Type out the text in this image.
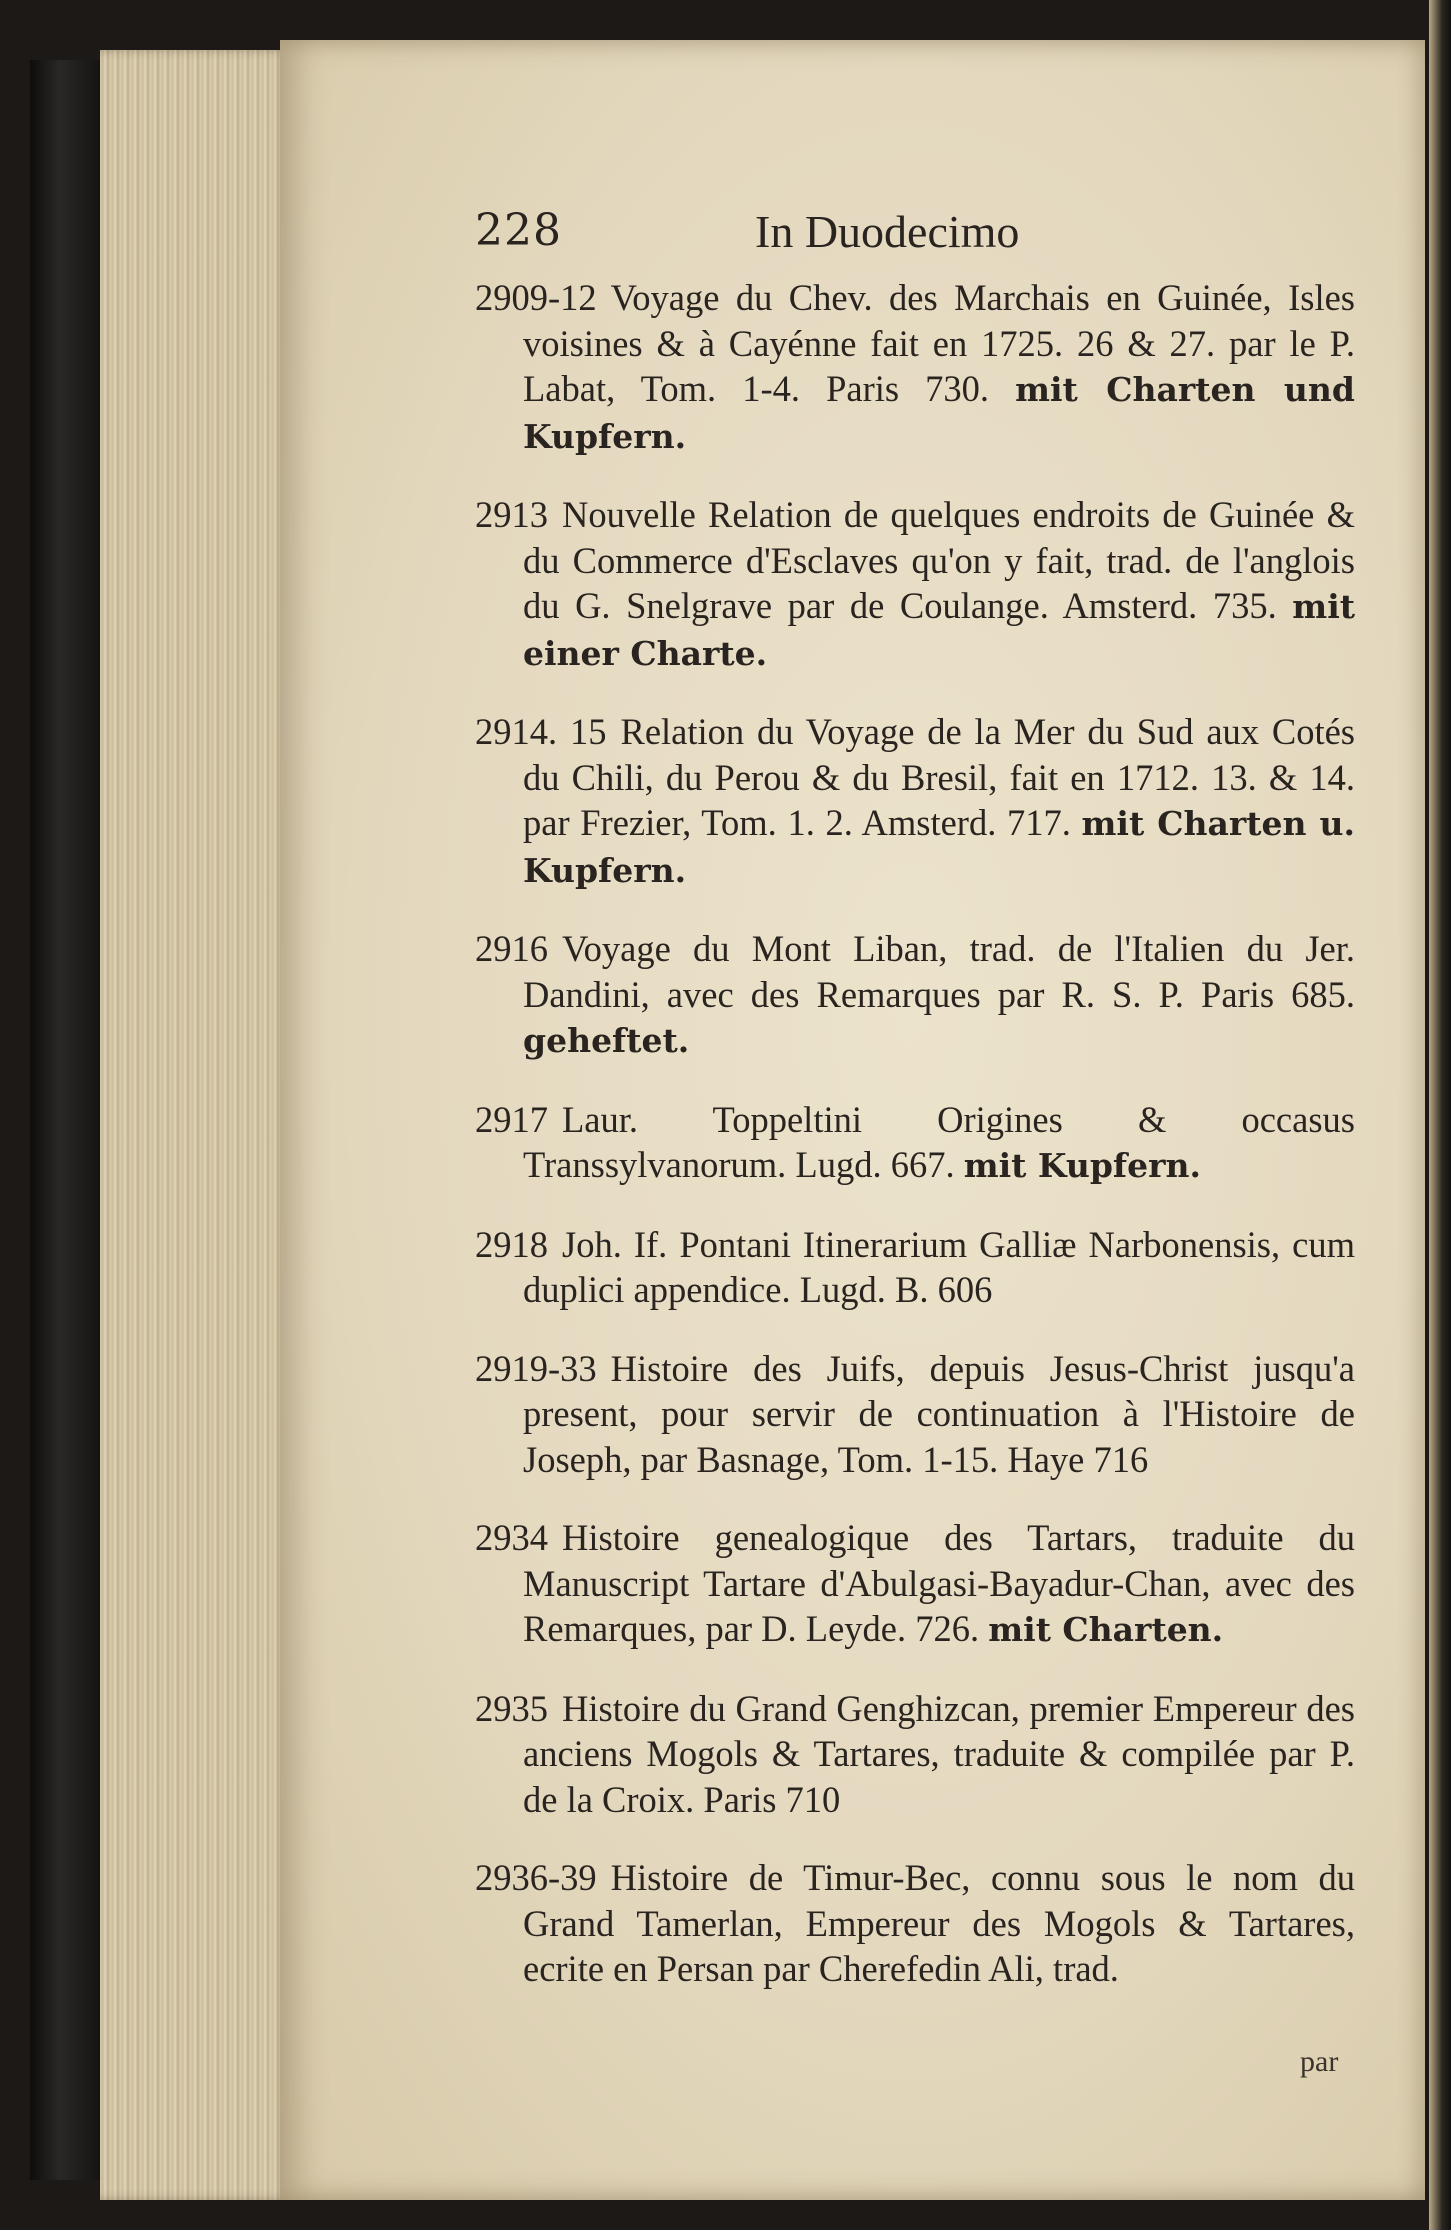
228	In Duodecimo
2909-12 Voyage du Chev. des Marchais en Guinée, Isles voisines & à Cayénne fait en 1725. 26 & 27. par le P. Labat, Tom. 1-4. Paris 730. mit Charten und Kupfern.
2913 Nouvelle Relation de quelques endroits de Guinée & du Commerce d'Esclaves qu'on y fait, trad. de l'anglois du G. Snelgrave par de Coulange. Amsterd. 735. mit einer Charte.
2914. 15 Relation du Voyage de la Mer du Sud aux Cotés du Chili, du Perou & du Bresil, fait en 1712. 13. & 14. par Frezier, Tom. 1. 2. Amsterd. 717. mit Charten u. Kupfern.
2916 Voyage du Mont Liban, trad. de l'Italien du Jer. Dandini, avec des Remarques par R. S. P. Paris 685. geheftet.
2917 Laur. Toppeltini Origines & occasus Transsylvanorum. Lugd. 667. mit Kupfern.
2918 Joh. If. Pontani Itinerarium Galliæ Narbonensis, cum duplici appendice. Lugd. B. 606
2919-33 Histoire des Juifs, depuis Jesus-Christ jusqu'a present, pour servir de continuation à l'Histoire de Joseph, par Basnage, Tom. 1-15. Haye 716
2934 Histoire genealogique des Tartars, traduite du Manuscript Tartare d'Abulgasi-Bayadur-Chan, avec des Remarques, par D. Leyde. 726. mit Charten.
2935 Histoire du Grand Genghizcan, premier Empereur des anciens Mogols & Tartares, traduite & compilée par P. de la Croix. Paris 710
2936-39 Histoire de Timur-Bec, connu sous le nom du Grand Tamerlan, Empereur des Mogols & Tartares, ecrite en Persan par Cherefedin Ali, trad.
par
